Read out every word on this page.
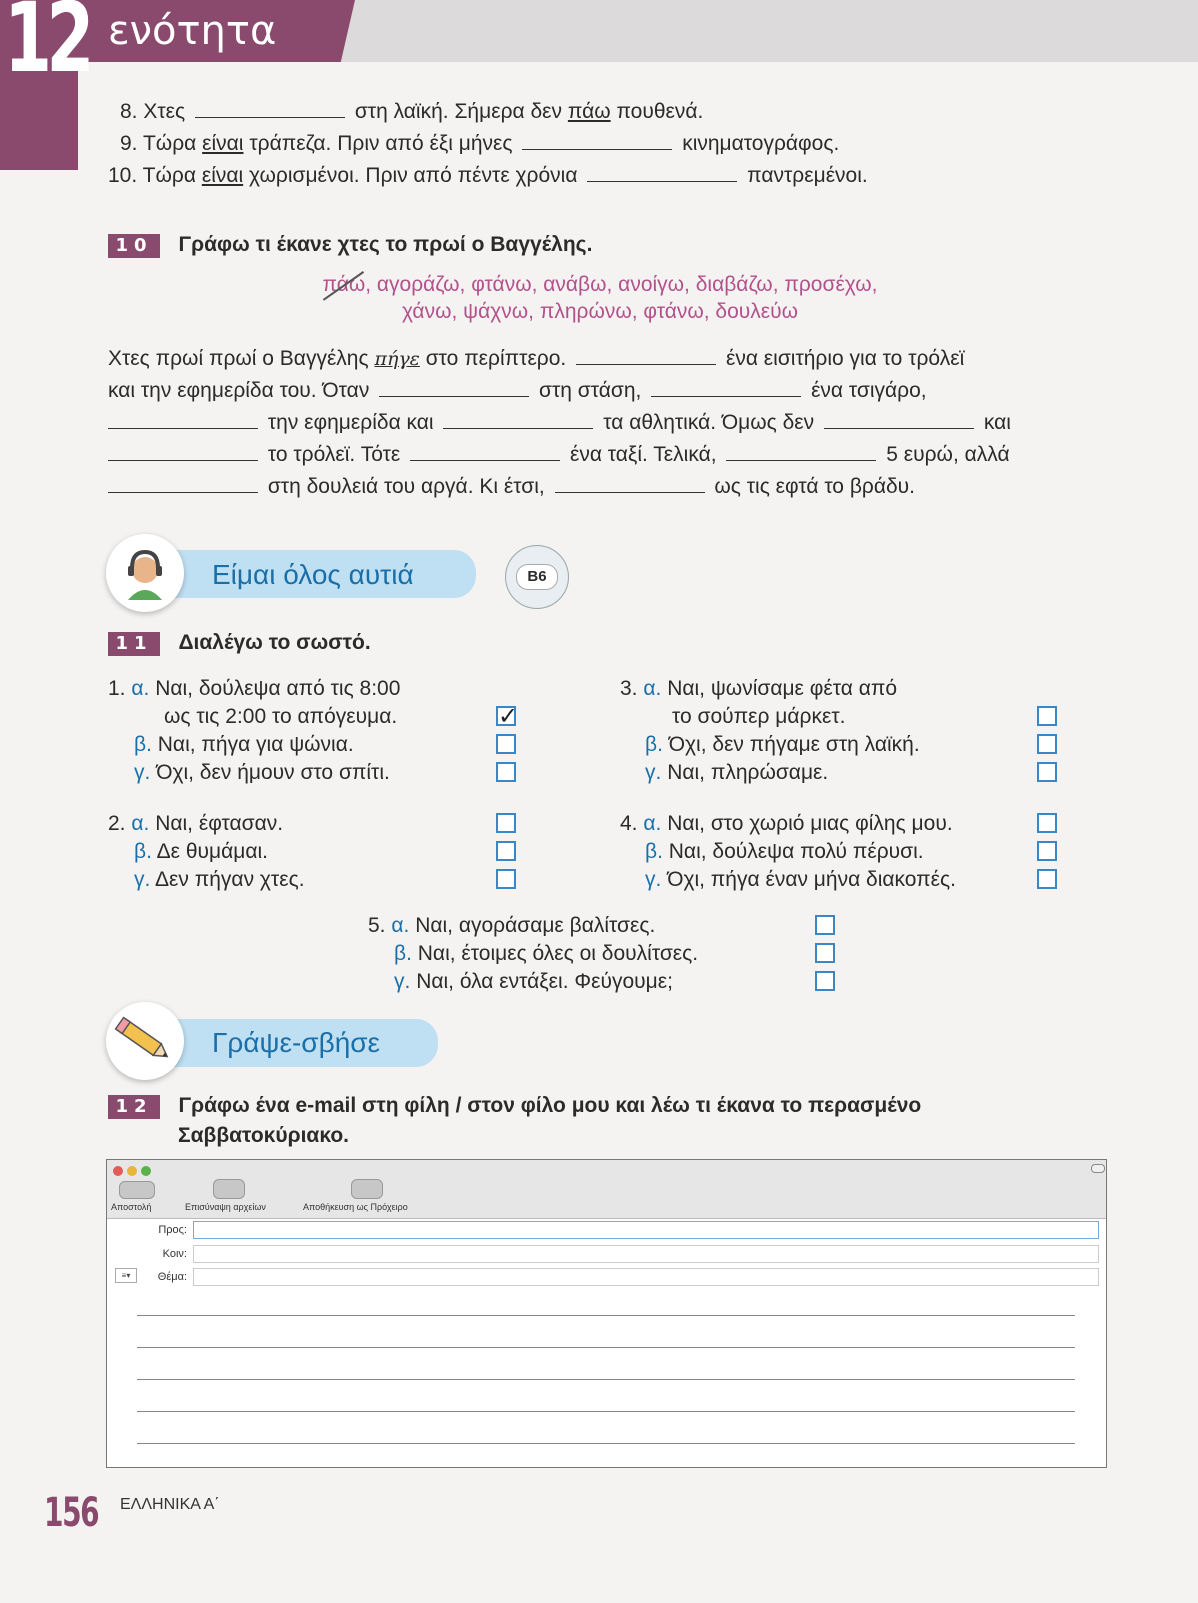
12 ενότητα
8. Χτες	στη λαϊκή. Σήμερα δεν πάω πουθενά.
9. Τώρα είναι τράπεζα. Πριν από έξι μήνες	κινηματογράφος.
10. Τώρα είναι χωρισμένοι. Πριν από πέντε χρόνια	παντρεμένοι.
10 Γράφω τι έκανε χτες το πρωί ο Βαγγέλης.
πάω, αγοράζω, φτάνω, ανάβω, ανοίγω, διαβάζω, προσέχω,
χάνω, ψάχνω, πληρώνω, φτάνω, δουλεύω
Χτες πρωί πρωί ο Βαγγέλης πήγε στο περίπτερο.	ένα εισιτήριο για το τρόλεϊ
και την εφημερίδα του. Όταν	στη στάση,	ένα τσιγάρο,
την εφημερίδα και	τα αθλητικά. Όμως δεν	και
το τρόλεϊ. Τότε	ένα ταξί. Τελικά,	5 ευρώ, αλλά
στη δουλειά του αργά. Κι έτσι,	ως τις εφτά το βράδυ.
Είμαι όλος αυτιά	B6
11 Διαλέγω το σωστό.
1. α. Ναι, δούλεψα από τις 8:00
ως τις 2:00 το απόγευμα.
β. Ναι, πήγα για ψώνια.
γ. Όχι, δεν ήμουν στο σπίτι.
✓
2. α. Ναι, έφτασαν.
β. Δε θυμάμαι.
γ. Δεν πήγαν χτες.
3. α. Ναι, ψωνίσαμε φέτα από
το σούπερ μάρκετ.
β. Όχι, δεν πήγαμε στη λαϊκή.
γ. Ναι, πληρώσαμε.
4. α. Ναι, στο χωριό μιας φίλης μου.
β. Ναι, δούλεψα πολύ πέρυσι.
γ. Όχι, πήγα έναν μήνα διακοπές.
5. α. Ναι, αγοράσαμε βαλίτσες.
β. Ναι, έτοιμες όλες οι δουλίτσες.
γ. Ναι, όλα εντάξει. Φεύγουμε;
Γράψε-σβήσε
12 Γράφω ένα e-mail στη φίλη / στον φίλο μου και λέω τι έκανα το περασμένο
Σαββατοκύριακο.
Αποστολή	Επισύναψη αρχείων	Αποθήκευση ως Πρόχειρο
Προς:
Κοιν:
≡▾	Θέμα:
156 ΕΛΛΗΝΙΚΑ Α΄
